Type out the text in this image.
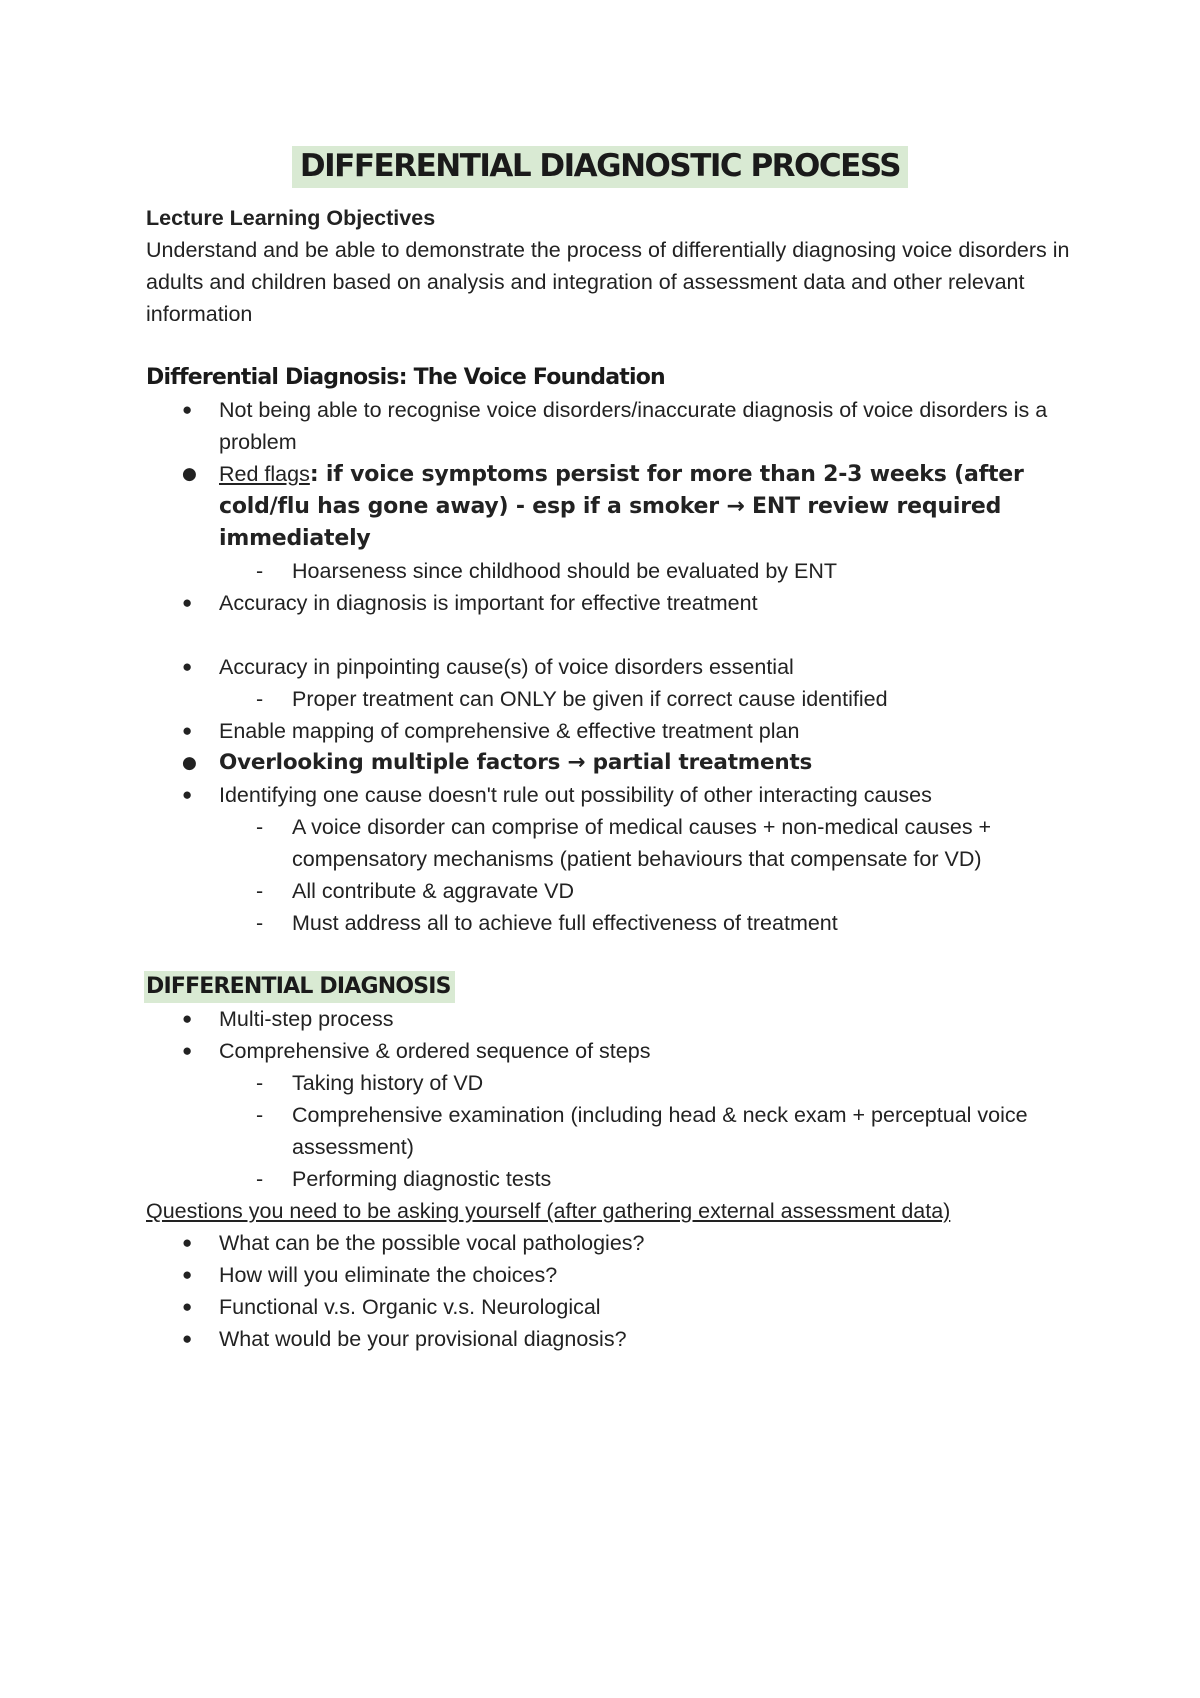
DIFFERENTIAL DIAGNOSTIC PROCESS
Lecture Learning Objectives
Understand and be able to demonstrate the process of differentially diagnosing voice disorders in adults and children based on analysis and integration of assessment data and other relevant information
Differential Diagnosis: The Voice Foundation
● Not being able to recognise voice disorders/inaccurate diagnosis of voice disorders is a problem
● Red flags: if voice symptoms persist for more than 2-3 weeks (after cold/flu has gone away) - esp if a smoker → ENT review required immediately
- Hoarseness since childhood should be evaluated by ENT
● Accuracy in diagnosis is important for effective treatment
● Accuracy in pinpointing cause(s) of voice disorders essential
- Proper treatment can ONLY be given if correct cause identified
● Enable mapping of comprehensive & effective treatment plan
● Overlooking multiple factors → partial treatments
● Identifying one cause doesn't rule out possibility of other interacting causes
- A voice disorder can comprise of medical causes + non-medical causes + compensatory mechanisms (patient behaviours that compensate for VD)
- All contribute & aggravate VD
- Must address all to achieve full effectiveness of treatment
DIFFERENTIAL DIAGNOSIS
● Multi-step process
● Comprehensive & ordered sequence of steps
- Taking history of VD
- Comprehensive examination (including head & neck exam + perceptual voice assessment)
- Performing diagnostic tests
Questions you need to be asking yourself (after gathering external assessment data)
● What can be the possible vocal pathologies?
● How will you eliminate the choices?
● Functional v.s. Organic v.s. Neurological
● What would be your provisional diagnosis?
